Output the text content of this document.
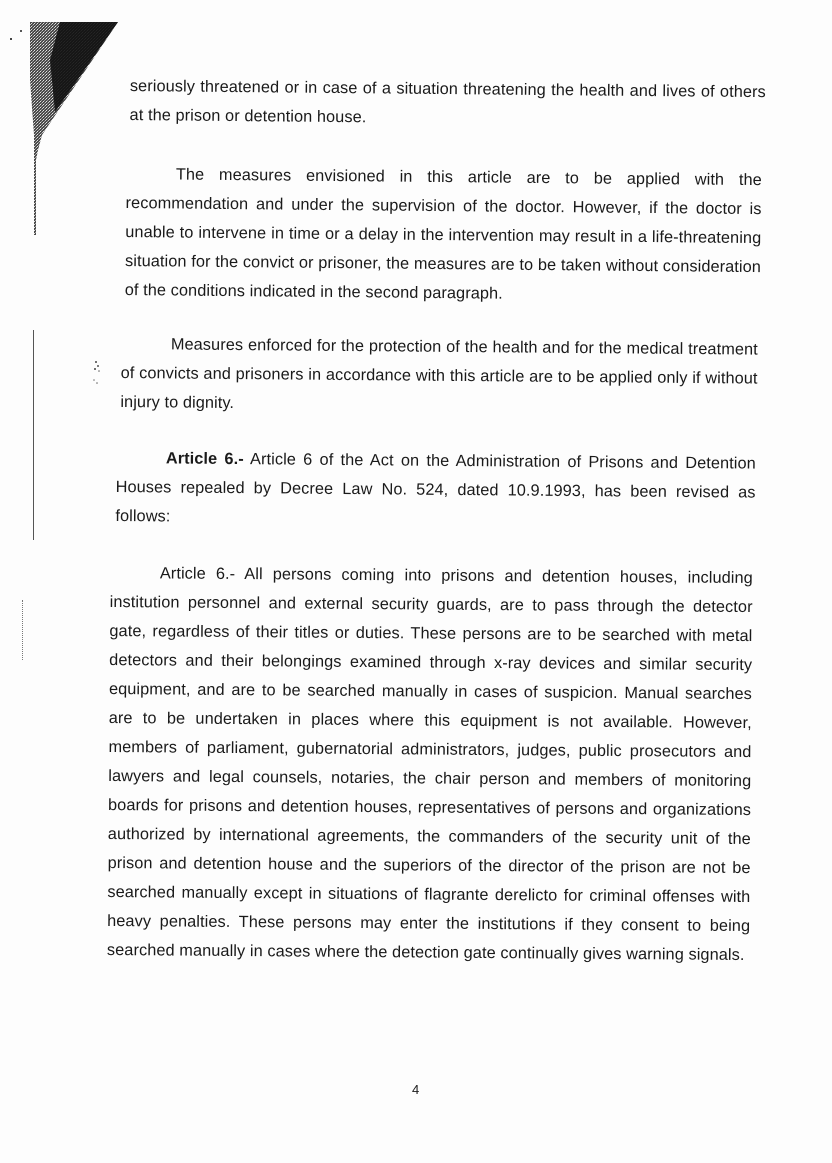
seriously threatened or in case of a situation threatening the health and lives of others at the prison or detention house.

The measures envisioned in this article are to be applied with the recommendation and under the supervision of the doctor. However, if the doctor is unable to intervene in time or a delay in the intervention may result in a life-threatening situation for the convict or prisoner, the measures are to be taken without consideration of the conditions indicated in the second paragraph.

Measures enforced for the protection of the health and for the medical treatment of convicts and prisoners in accordance with this article are to be applied only if without injury to dignity.

Article 6.- Article 6 of the Act on the Administration of Prisons and Detention Houses repealed by Decree Law No. 524, dated 10.9.1993, has been revised as follows:

Article 6.- All persons coming into prisons and detention houses, including institution personnel and external security guards, are to pass through the detector gate, regardless of their titles or duties. These persons are to be searched with metal detectors and their belongings examined through x-ray devices and similar security equipment, and are to be searched manually in cases of suspicion. Manual searches are to be undertaken in places where this equipment is not available. However, members of parliament, gubernatorial administrators, judges, public prosecutors and lawyers and legal counsels, notaries, the chair person and members of monitoring boards for prisons and detention houses, representatives of persons and organizations authorized by international agreements, the commanders of the security unit of the prison and detention house and the superiors of the director of the prison are not be searched manually except in situations of flagrante derelicto for criminal offenses with heavy penalties. These persons may enter the institutions if they consent to being searched manually in cases where the detection gate continually gives warning signals.

4
